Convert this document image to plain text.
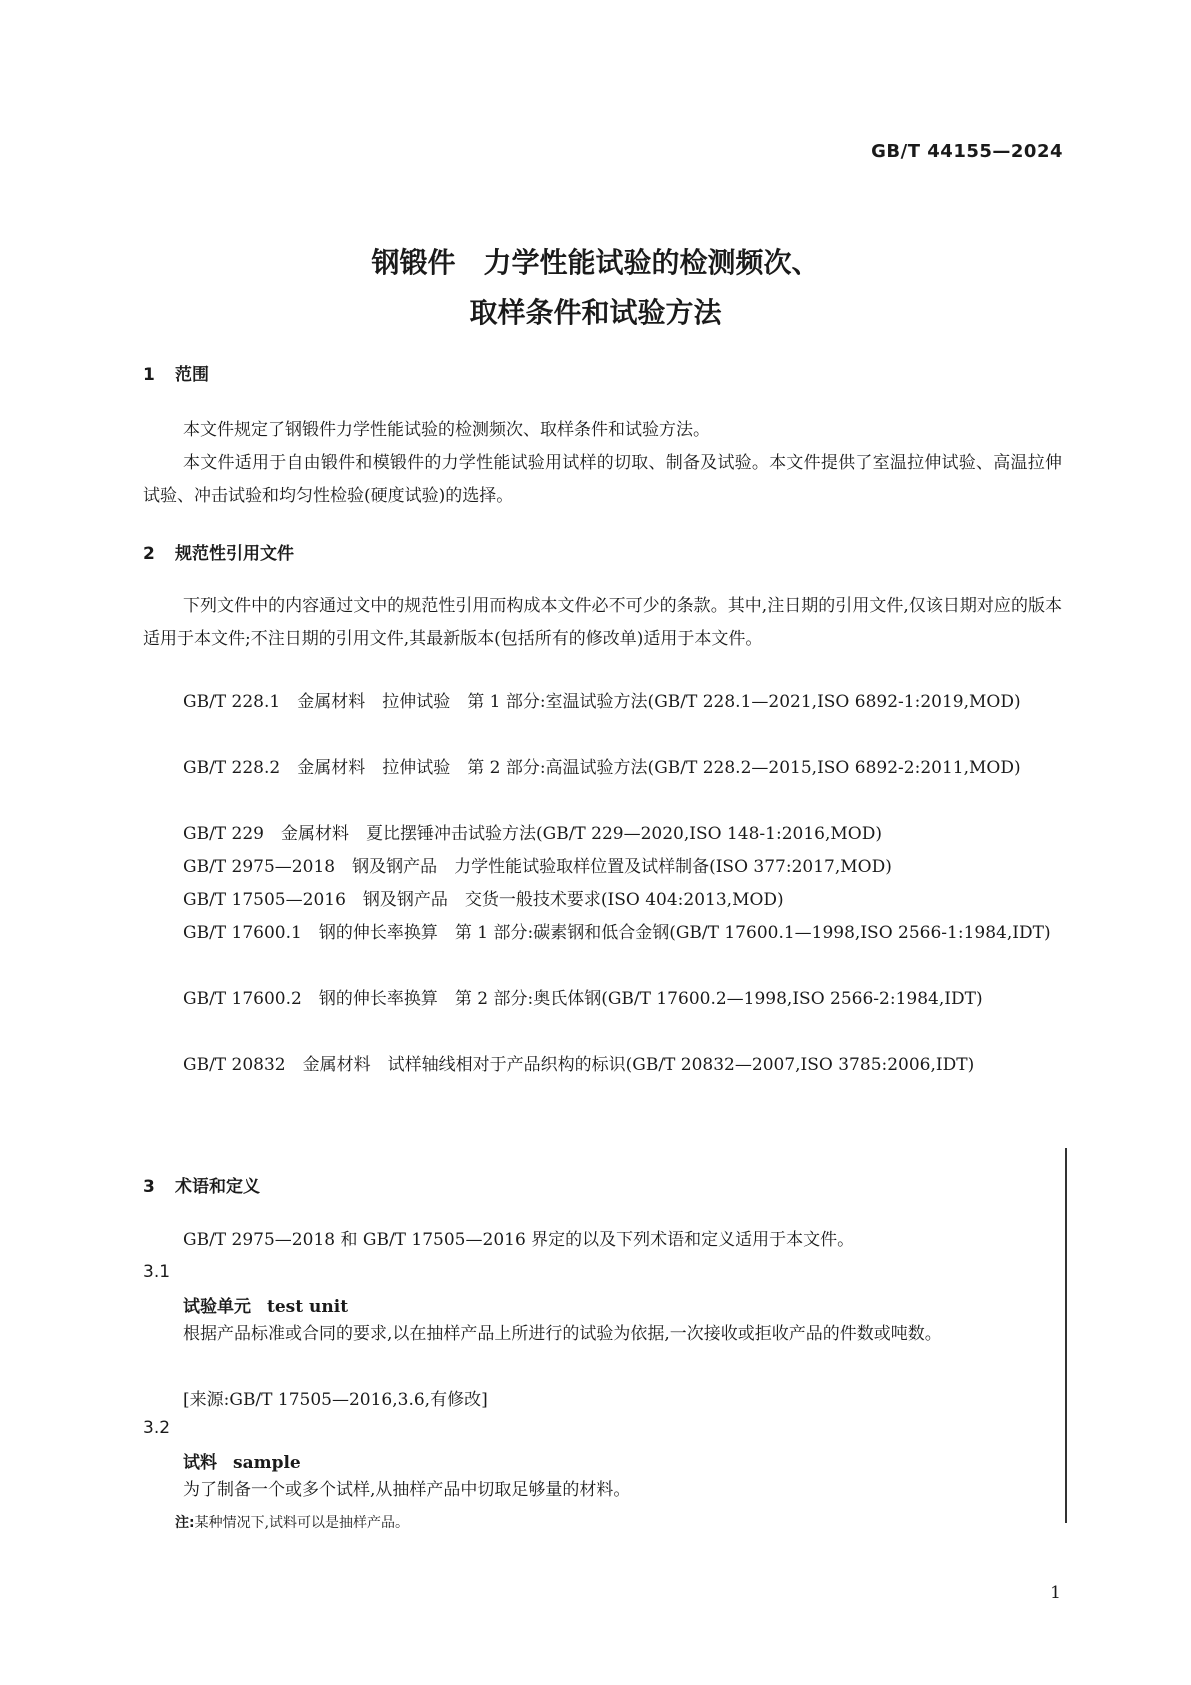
GB/T 44155—2024

钢锻件　力学性能试验的检测频次、
取样条件和试验方法
1 范围

本文件规定了钢锻件力学性能试验的检测频次、取样条件和试验方法。

本文件适用于自由锻件和模锻件的力学性能试验用试样的切取、制备及试验。本文件提供了室温拉伸试验、高温拉伸试验、冲击试验和均匀性检验(硬度试验)的选择。

2 规范性引用文件

下列文件中的内容通过文中的规范性引用而构成本文件必不可少的条款。其中,注日期的引用文件,仅该日期对应的版本适用于本文件;不注日期的引用文件,其最新版本(包括所有的修改单)适用于本文件。

GB/T 228.1　金属材料　拉伸试验　第 1 部分:室温试验方法(GB/T 228.1—2021,ISO 6892-1:2019,MOD)

GB/T 228.2　金属材料　拉伸试验　第 2 部分:高温试验方法(GB/T 228.2—2015,ISO 6892-2:2011,MOD)

GB/T 229　金属材料　夏比摆锤冲击试验方法(GB/T 229—2020,ISO 148-1:2016,MOD)

GB/T 2975—2018　钢及钢产品　力学性能试验取样位置及试样制备(ISO 377:2017,MOD)

GB/T 17505—2016　钢及钢产品　交货一般技术要求(ISO 404:2013,MOD)

GB/T 17600.1　钢的伸长率换算　第 1 部分:碳素钢和低合金钢(GB/T 17600.1—1998,ISO 2566-1:1984,IDT)

GB/T 17600.2　钢的伸长率换算　第 2 部分:奥氏体钢(GB/T 17600.2—1998,ISO 2566-2:1984,IDT)

GB/T 20832　金属材料　试样轴线相对于产品织构的标识(GB/T 20832—2007,ISO 3785:2006,IDT)

3 术语和定义

GB/T 2975—2018 和 GB/T 17505—2016 界定的以及下列术语和定义适用于本文件。

3.1

试验单元 test unit

根据产品标准或合同的要求,以在抽样产品上所进行的试验为依据,一次接收或拒收产品的件数或吨数。

[来源:GB/T 17505—2016,3.6,有修改]

3.2

试料 sample

为了制备一个或多个试样,从抽样产品中切取足够量的材料。

注:某种情况下,试料可以是抽样产品。

1
